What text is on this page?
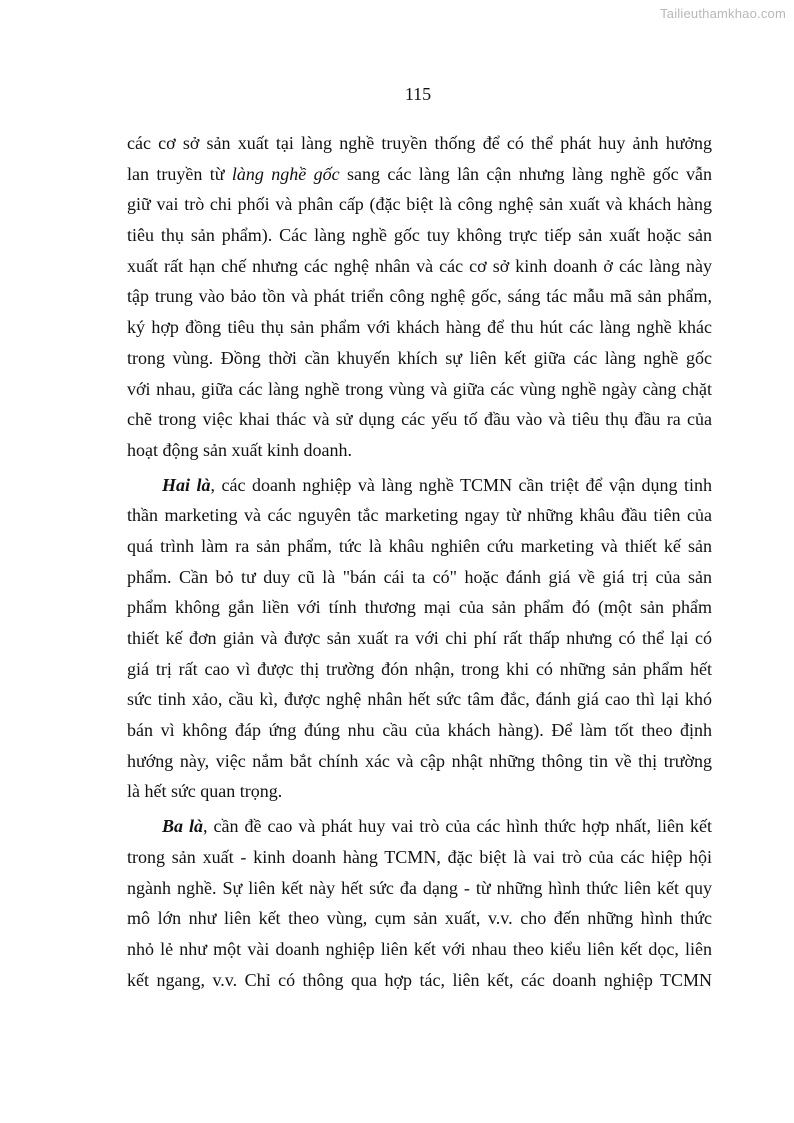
Tailieuthamkhao.com
115
các cơ sở sản xuất tại làng nghề truyền thống để có thể phát huy ảnh hưởng
lan truyền từ làng nghề gốc sang các làng lân cận nhưng làng nghề gốc vẫn
giữ vai trò chi phối và phân cấp (đặc biệt là công nghệ sản xuất và khách hàng
tiêu thụ sản phẩm). Các làng nghề gốc tuy không trực tiếp sản xuất hoặc sản
xuất rất hạn chế nhưng các nghệ nhân và các cơ sở kinh doanh ở các làng này
tập trung vào bảo tồn và phát triển công nghệ gốc, sáng tác mẫu mã sản phẩm,
ký hợp đồng tiêu thụ sản phẩm với khách hàng để thu hút các làng nghề khác
trong vùng. Đồng thời cần khuyến khích sự liên kết giữa các làng nghề gốc
với nhau, giữa các làng nghề trong vùng và giữa các vùng nghề ngày càng chặt
chẽ trong việc khai thác và sử dụng các yếu tố đầu vào và tiêu thụ đầu ra của
hoạt động sản xuất kinh doanh.
Hai là, các doanh nghiệp và làng nghề TCMN cần triệt để vận dụng tinh
thần marketing và các nguyên tắc marketing ngay từ những khâu đầu tiên của
quá trình làm ra sản phẩm, tức là khâu nghiên cứu marketing và thiết kế sản
phẩm. Cần bỏ tư duy cũ là "bán cái ta có" hoặc đánh giá về giá trị của sản
phẩm không gắn liền với tính thương mại của sản phẩm đó (một sản phẩm
thiết kế đơn giản và được sản xuất ra với chi phí rất thấp nhưng có thể lại có
giá trị rất cao vì được thị trường đón nhận, trong khi có những sản phẩm hết
sức tinh xảo, cầu kì, được nghệ nhân hết sức tâm đắc, đánh giá cao thì lại khó
bán vì không đáp ứng đúng nhu cầu của khách hàng). Để làm tốt theo định
hướng này, việc nắm bắt chính xác và cập nhật những thông tin về thị trường
là hết sức quan trọng.
Ba là, cần đề cao và phát huy vai trò của các hình thức hợp nhất, liên kết
trong sản xuất - kinh doanh hàng TCMN, đặc biệt là vai trò của các hiệp hội
ngành nghề. Sự liên kết này hết sức đa dạng - từ những hình thức liên kết quy
mô lớn như liên kết theo vùng, cụm sản xuất, v.v. cho đến những hình thức
nhỏ lẻ như một vài doanh nghiệp liên kết với nhau theo kiểu liên kết dọc, liên
kết ngang, v.v. Chỉ có thông qua hợp tác, liên kết, các doanh nghiệp TCMN
